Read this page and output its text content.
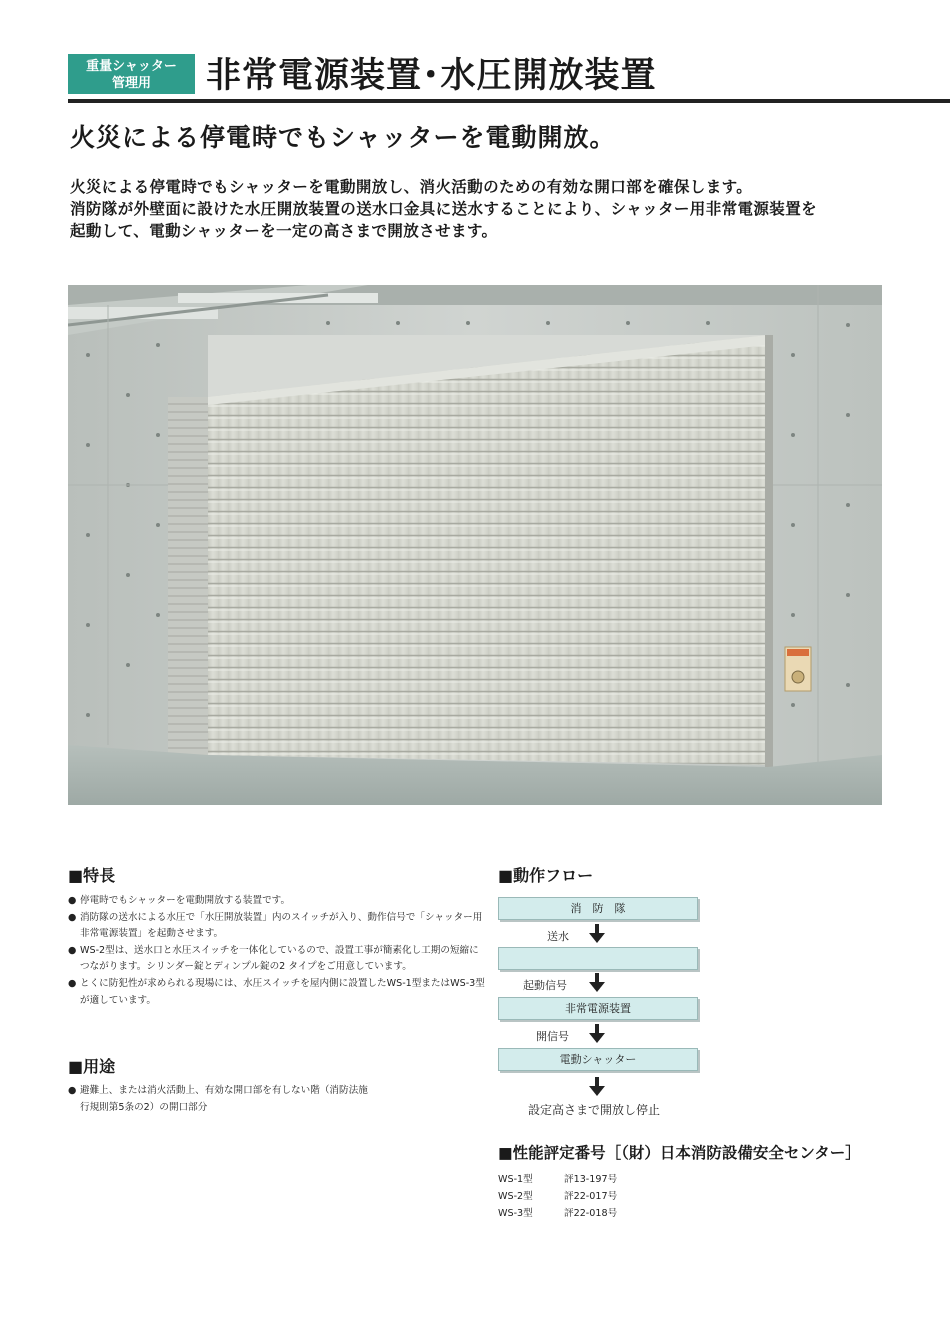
重量シャッター
管理用	非常電源装置･水圧開放装置
火災による停電時でもシャッターを電動開放。
火災による停電時でもシャッターを電動開放し、消火活動のための有効な開口部を確保します。
消防隊が外壁面に設けた水圧開放装置の送水口金具に送水することにより、シャッター用非常電源装置を
起動して、電動シャッターを一定の高さまで開放させます。
■特長
● 停電時でもシャッターを電動開放する装置です。
● 消防隊の送水による水圧で「水圧開放装置」内のスイッチが入り、動作信号で「シャッター用非常電源装置」を起動させます。
● WS-2型は、送水口と水圧スイッチを一体化しているので、設置工事が簡素化し工期の短縮につながります。シリンダー錠とディンプル錠の2 タイプをご用意しています。
● とくに防犯性が求められる現場には、水圧スイッチを屋内側に設置したWS-1型またはWS-3型が適しています。
■用途
● 避難上、または消火活動上、有効な開口部を有しない階（消防法施行規則第5条の2）の開口部分
■動作フロー
消　防　隊
送水
起動信号
非常電源装置
開信号
電動シャッター
設定高さまで開放し停止
■性能評定番号［（財）日本消防設備安全センター］
WS-1型	評13-197号
WS-2型	評22-017号
WS-3型	評22-018号
